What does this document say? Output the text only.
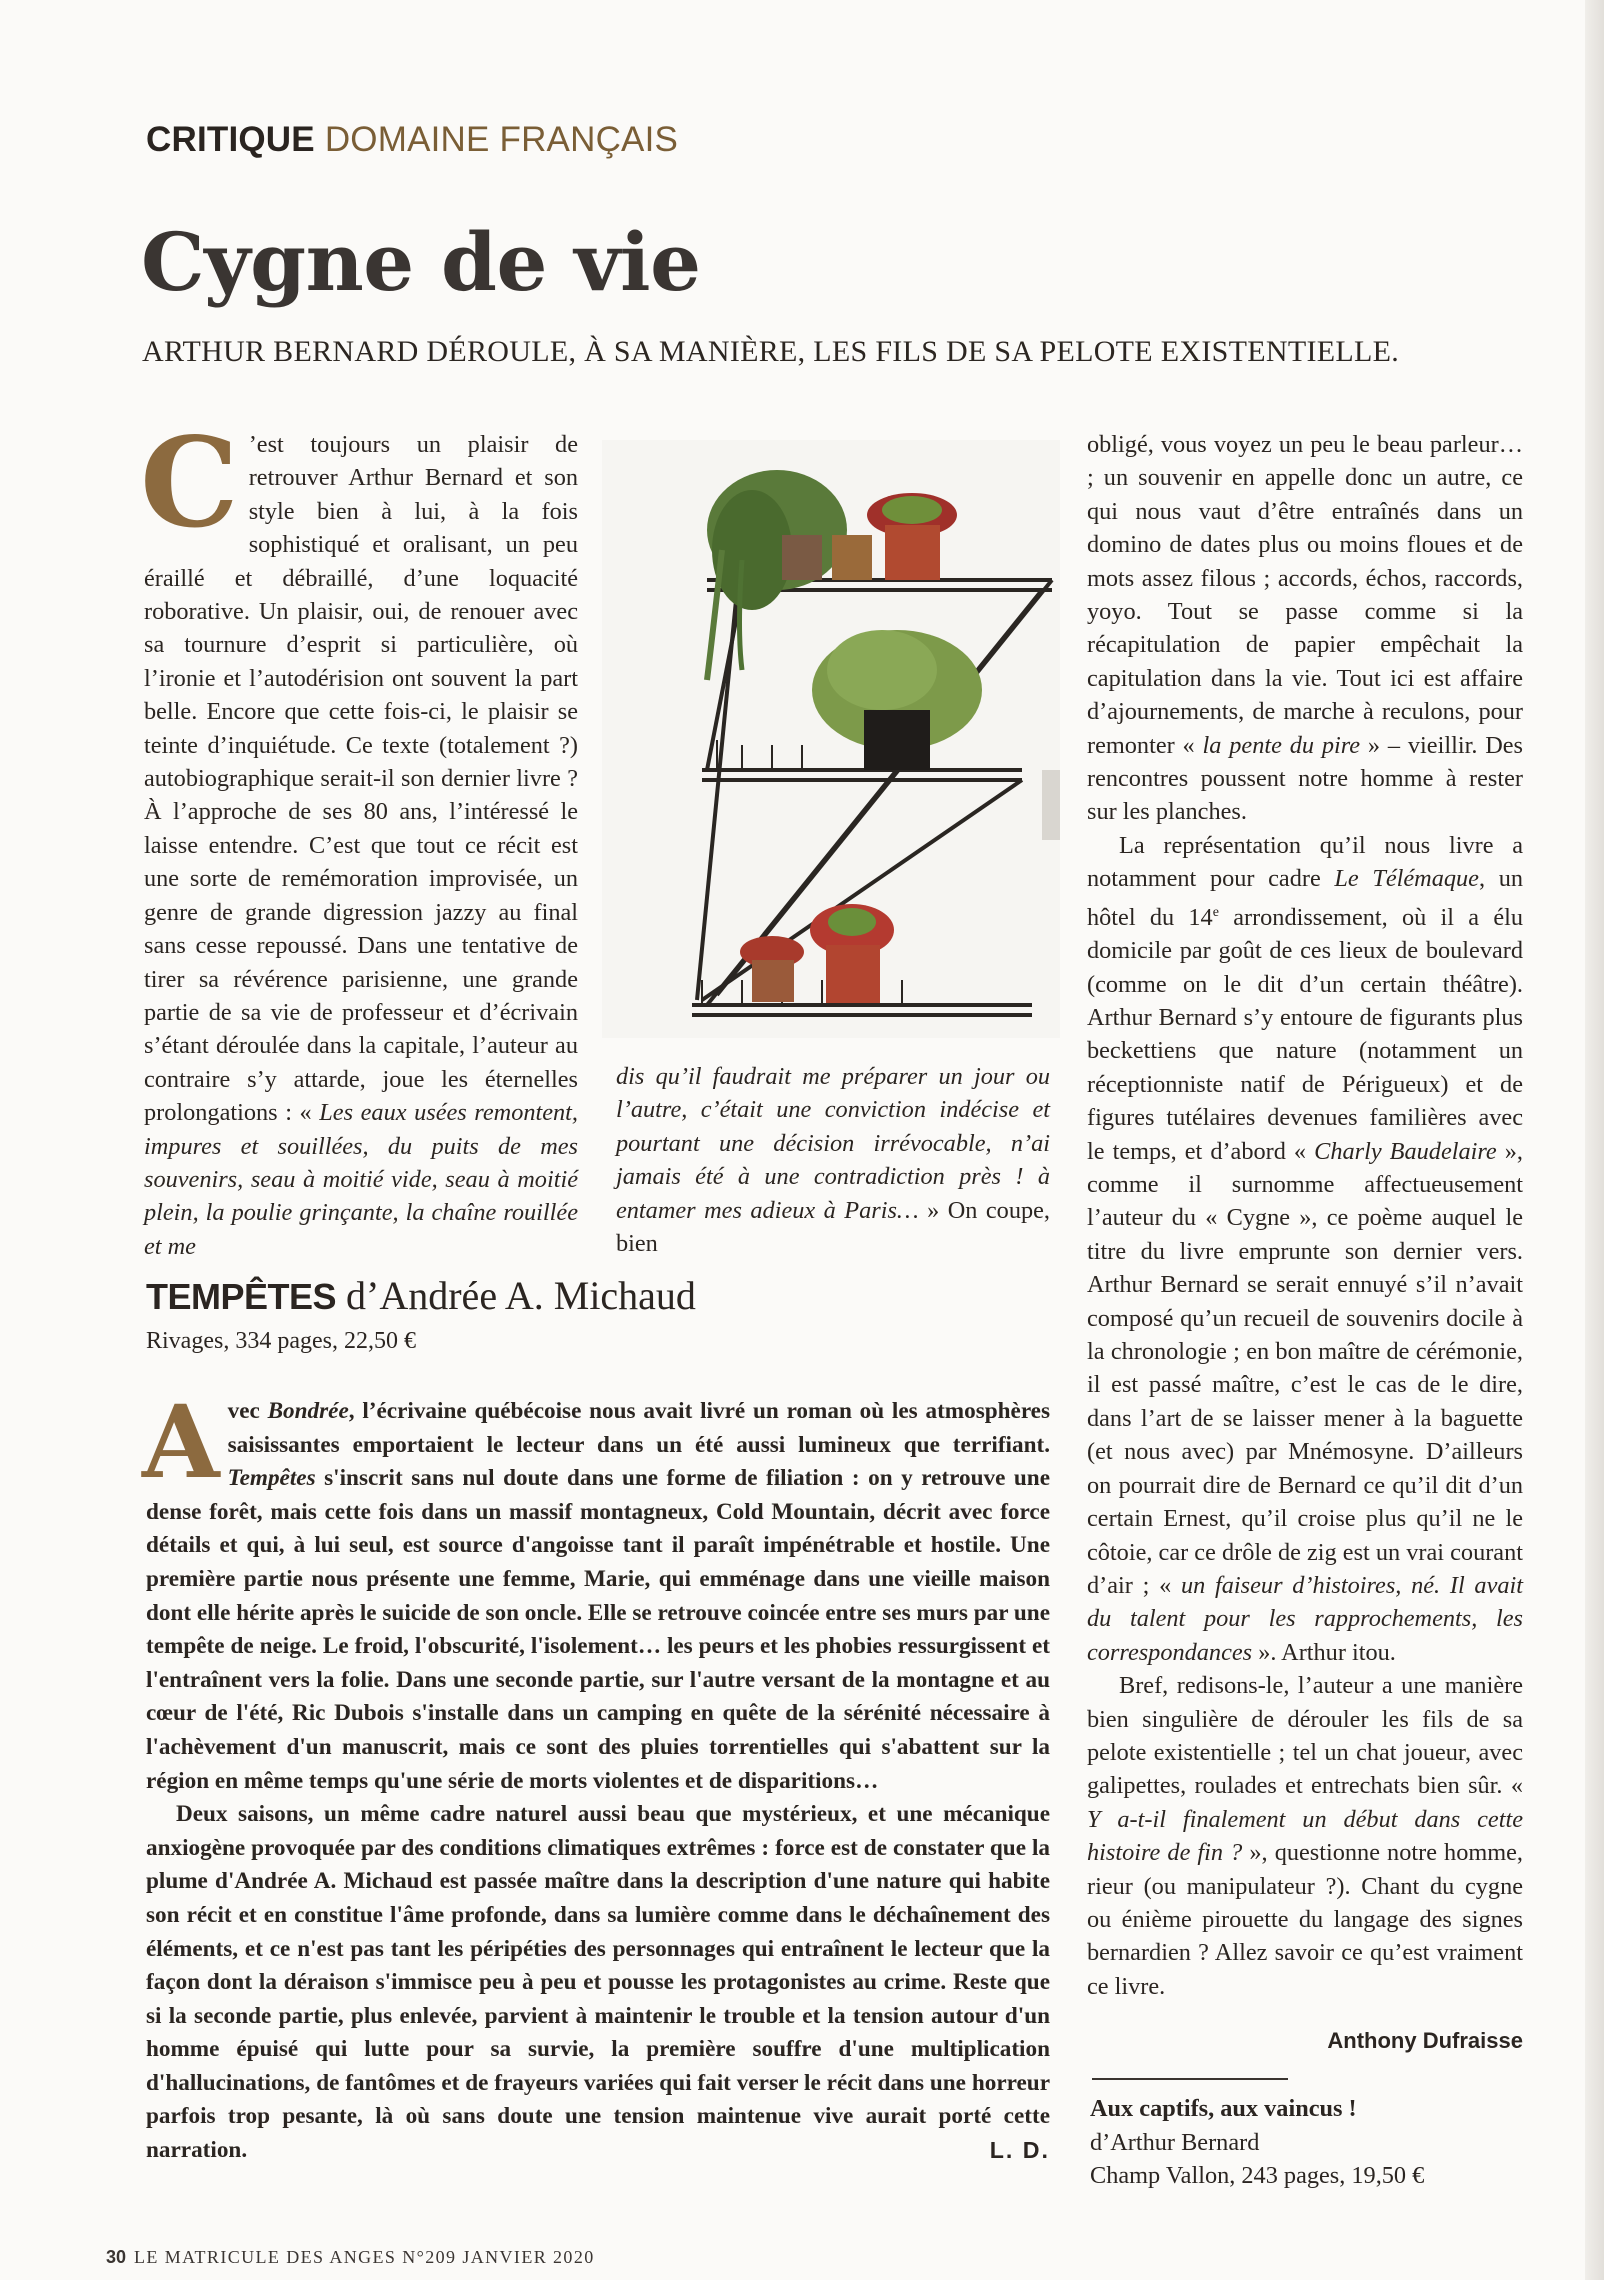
CRITIQUE DOMAINE FRANÇAIS
Cygne de vie
ARTHUR BERNARD DÉROULE, À SA MANIÈRE, LES FILS DE SA PELOTE EXISTENTIELLE.

C ’est toujours un plaisir de retrouver Arthur Bernard et son style bien à lui, à la fois sophistiqué et oralisant, un peu éraillé et débraillé, d’une loquacité roborative. Un plaisir, oui, de renouer avec sa tournure d’esprit si particulière, où l’ironie et l’autodérision ont souvent la part belle. Encore que cette fois-ci, le plaisir se teinte d’inquiétude. Ce texte (totalement ?) autobiographique serait-il son dernier livre ? À l’approche de ses 80 ans, l’intéressé le laisse entendre. C’est que tout ce récit est une sorte de remémoration improvisée, un genre de grande digression jazzy au final sans cesse repoussé. Dans une tentative de tirer sa révérence parisienne, une grande partie de sa vie de professeur et d’écrivain s’étant déroulée dans la capitale, l’auteur au contraire s’y attarde, joue les éternelles prolongations : « Les eaux usées remontent, impures et souillées, du puits de mes souvenirs, seau à moitié vide, seau à moitié plein, la poulie grinçante, la chaîne rouillée et me

dis qu’il faudrait me préparer un jour ou l’autre, c’était une conviction indécise et pourtant une décision irrévocable, n’ai jamais été à une contradiction près ! à entamer mes adieux à Paris… » On coupe, bien

obligé, vous voyez un peu le beau parleur… ; un souvenir en appelle donc un autre, ce qui nous vaut d’être entraînés dans un domino de dates plus ou moins floues et de mots assez filous ; accords, échos, raccords, yoyo. Tout se passe comme si la récapitulation de papier empêchait la capitulation dans la vie. Tout ici est affaire d’ajournements, de marche à reculons, pour remonter « la pente du pire » – vieillir. Des rencontres poussent notre homme à rester sur les planches.

La représentation qu’il nous livre a notamment pour cadre Le Télémaque, un hôtel du 14e arrondissement, où il a élu domicile par goût de ces lieux de boulevard (comme on le dit d’un certain théâtre). Arthur Bernard s’y entoure de figurants plus beckettiens que nature (notamment un réceptionniste natif de Périgueux) et de figures tutélaires devenues familières avec le temps, et d’abord « Charly Baudelaire », comme il surnomme affectueusement l’auteur du « Cygne », ce poème auquel le titre du livre emprunte son dernier vers. Arthur Bernard se serait ennuyé s’il n’avait composé qu’un recueil de souvenirs docile à la chronologie ; en bon maître de cérémonie, il est passé maître, c’est le cas de le dire, dans l’art de se laisser mener à la baguette (et nous avec) par Mnémosyne. D’ailleurs on pourrait dire de Bernard ce qu’il dit d’un certain Ernest, qu’il croise plus qu’il ne le côtoie, car ce drôle de zig est un vrai courant d’air ; « un faiseur d’histoires, né. Il avait du talent pour les rapprochements, les correspondances ». Arthur itou.

Bref, redisons-le, l’auteur a une manière bien singulière de dérouler les fils de sa pelote existentielle ; tel un chat joueur, avec galipettes, roulades et entrechats bien sûr. « Y a-t-il finalement un début dans cette histoire de fin ? », questionne notre homme, rieur (ou manipulateur ?). Chant du cygne ou énième pirouette du langage des signes bernardien ? Allez savoir ce qu’est vraiment ce livre.

Anthony Dufraisse
Aux captifs, aux vaincus !
d’Arthur Bernard
Champ Vallon, 243 pages, 19,50 €
TEMPÊTES d’Andrée A. Michaud
Rivages, 334 pages, 22,50 €

Avec Bondrée, l’écrivaine québécoise nous avait livré un roman où les atmosphères saisissantes emportaient le lecteur dans un été aussi lumineux que terrifiant. Tempêtes s'inscrit sans nul doute dans une forme de filiation : on y retrouve une dense forêt, mais cette fois dans un massif montagneux, Cold Mountain, décrit avec force détails et qui, à lui seul, est source d'angoisse tant il paraît impénétrable et hostile. Une première partie nous présente une femme, Marie, qui emménage dans une vieille maison dont elle hérite après le suicide de son oncle. Elle se retrouve coincée entre ses murs par une tempête de neige. Le froid, l'obscurité, l'isolement… les peurs et les phobies ressurgissent et l'entraînent vers la folie. Dans une seconde partie, sur l'autre versant de la montagne et au cœur de l'été, Ric Dubois s'installe dans un camping en quête de la sérénité nécessaire à l'achèvement d'un manuscrit, mais ce sont des pluies torrentielles qui s'abattent sur la région en même temps qu'une série de morts violentes et de disparitions…

Deux saisons, un même cadre naturel aussi beau que mystérieux, et une mécanique anxiogène provoquée par des conditions climatiques extrêmes : force est de constater que la plume d'Andrée A. Michaud est passée maître dans la description d'une nature qui habite son récit et en constitue l'âme profonde, dans sa lumière comme dans le déchaînement des éléments, et ce n'est pas tant les péripéties des personnages qui entraînent le lecteur que la façon dont la déraison s'immisce peu à peu et pousse les protagonistes au crime. Reste que si la seconde partie, plus enlevée, parvient à maintenir le trouble et la tension autour d'un homme épuisé qui lutte pour sa survie, la première souffre d'une multiplication d'hallucinations, de fantômes et de frayeurs variées qui fait verser le récit dans une horreur parfois trop pesante, là où sans doute une tension maintenue vive aurait porté cette narration.	L. D.

30 LE MATRICULE DES ANGES N°209 JANVIER 2020
